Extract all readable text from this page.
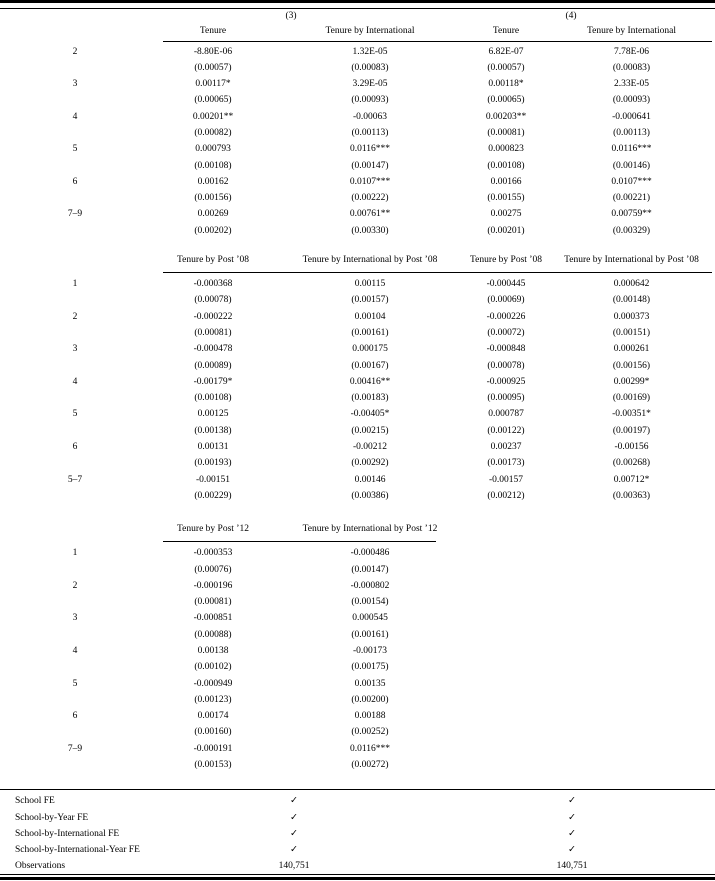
(3)	(4)
Tenure	Tenure by International	Tenure	Tenure by International
2	-8.80E-06	1.32E-05	6.82E-07	7.78E-06
(0.00057)	(0.00083)	(0.00057)	(0.00083)
3	0.00117*	3.29E-05	0.00118*	2.33E-05
(0.00065)	(0.00093)	(0.00065)	(0.00093)
4	0.00201**	-0.00063	0.00203**	-0.000641
(0.00082)	(0.00113)	(0.00081)	(0.00113)
5	0.000793	0.0116***	0.000823	0.0116***
(0.00108)	(0.00147)	(0.00108)	(0.00146)
6	0.00162	0.0107***	0.00166	0.0107***
(0.00156)	(0.00222)	(0.00155)	(0.00221)
7–9	0.00269	0.00761**	0.00275	0.00759**
(0.00202)	(0.00330)	(0.00201)	(0.00329)
Tenure by Post ’08	Tenure by International by Post ’08	Tenure by Post ’08	Tenure by International by Post ’08
1	-0.000368	0.00115	-0.000445	0.000642
(0.00078)	(0.00157)	(0.00069)	(0.00148)
2	-0.000222	0.00104	-0.000226	0.000373
(0.00081)	(0.00161)	(0.00072)	(0.00151)
3	-0.000478	0.000175	-0.000848	0.000261
(0.00089)	(0.00167)	(0.00078)	(0.00156)
4	-0.00179*	0.00416**	-0.000925	0.00299*
(0.00108)	(0.00183)	(0.00095)	(0.00169)
5	0.00125	-0.00405*	0.000787	-0.00351*
(0.00138)	(0.00215)	(0.00122)	(0.00197)
6	0.00131	-0.00212	0.00237	-0.00156
(0.00193)	(0.00292)	(0.00173)	(0.00268)
5–7	-0.00151	0.00146	-0.00157	0.00712*
(0.00229)	(0.00386)	(0.00212)	(0.00363)
Tenure by Post ’12	Tenure by International by Post ’12
1	-0.000353	-0.000486
(0.00076)	(0.00147)
2	-0.000196	-0.000802
(0.00081)	(0.00154)
3	-0.000851	0.000545
(0.00088)	(0.00161)
4	0.00138	-0.00173
(0.00102)	(0.00175)
5	-0.000949	0.00135
(0.00123)	(0.00200)
6	0.00174	0.00188
(0.00160)	(0.00252)
7–9	-0.000191	0.0116***
(0.00153)	(0.00272)
School FE	✓	✓
School-by-Year FE	✓	✓
School-by-International FE	✓	✓
School-by-International-Year FE	✓	✓
Observations	140,751	140,751
